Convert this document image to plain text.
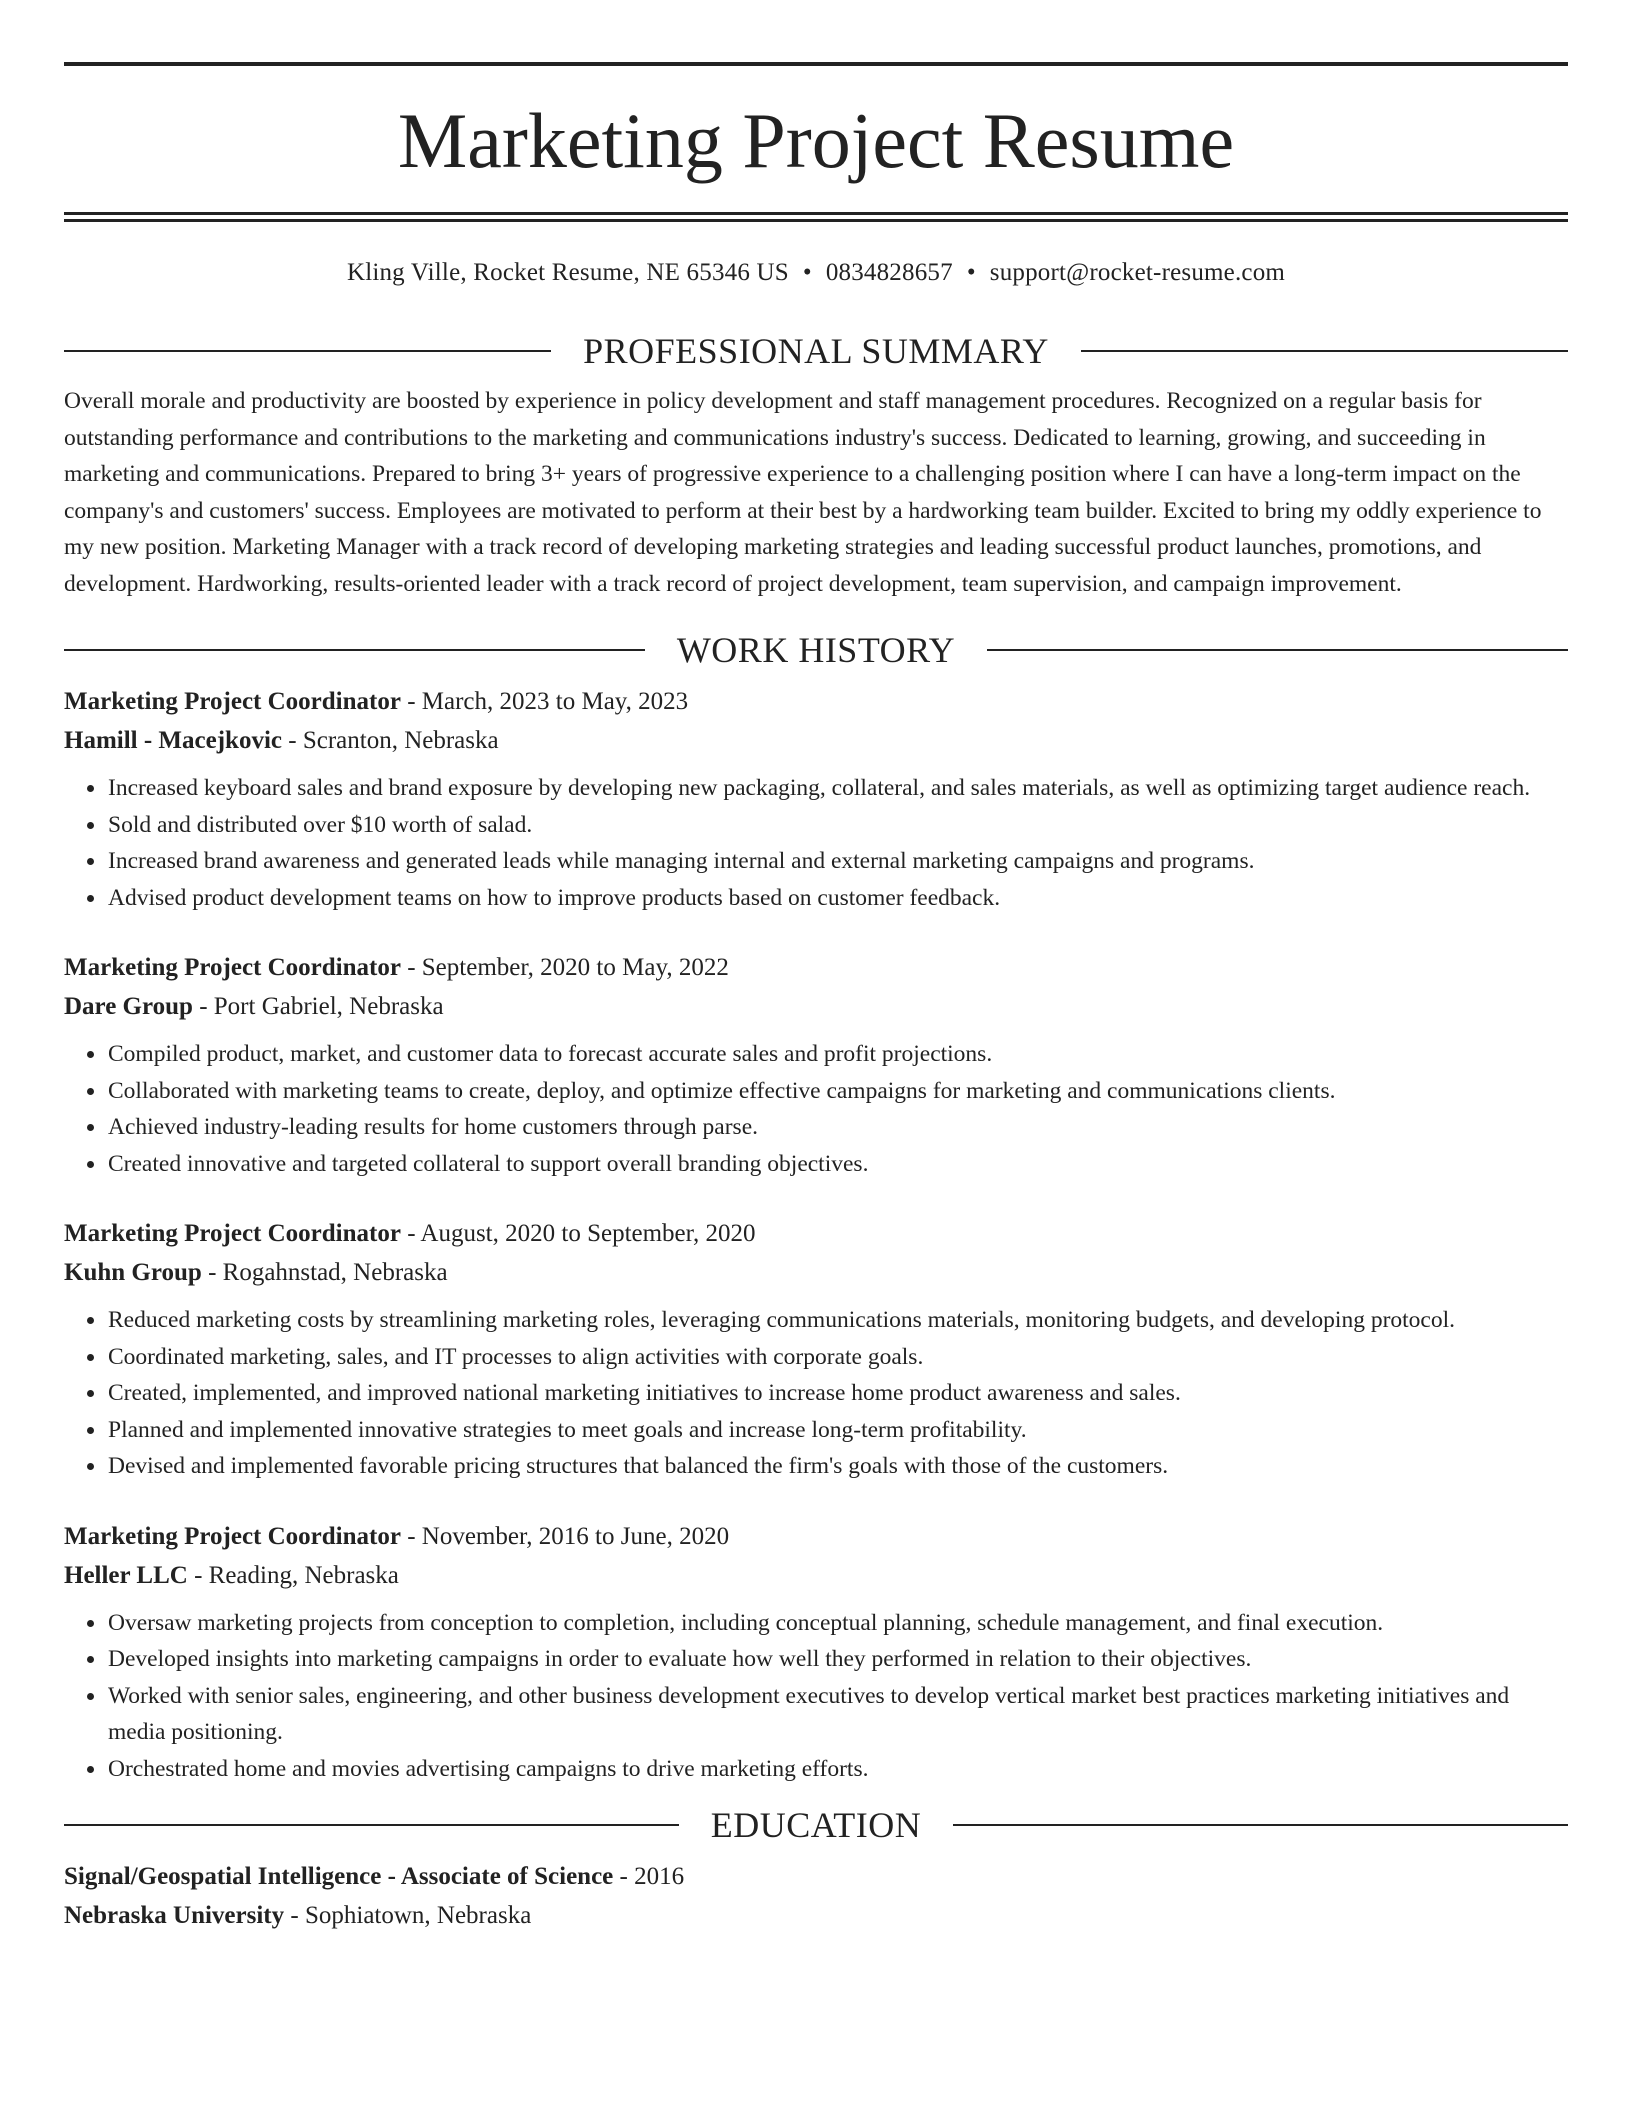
Marketing Project Resume
Kling Ville, Rocket Resume, NE 65346 US • 0834828657 • support@rocket-resume.com
PROFESSIONAL SUMMARY

Overall morale and productivity are boosted by experience in policy development and staff management procedures. Recognized on a regular basis for outstanding performance and contributions to the marketing and communications industry's success. Dedicated to learning, growing, and succeeding in marketing and communications. Prepared to bring 3+ years of progressive experience to a challenging position where I can have a long-term impact on the company's and customers' success. Employees are motivated to perform at their best by a hardworking team builder. Excited to bring my oddly experience to my new position. Marketing Manager with a track record of developing marketing strategies and leading successful product launches, promotions, and development. Hardworking, results-oriented leader with a track record of project development, team supervision, and campaign improvement.

WORK HISTORY
Marketing Project Coordinator - March, 2023 to May, 2023
Hamill - Macejkovic - Scranton, Nebraska
• Increased keyboard sales and brand exposure by developing new packaging, collateral, and sales materials, as well as optimizing target audience reach.
• Sold and distributed over $10 worth of salad.
• Increased brand awareness and generated leads while managing internal and external marketing campaigns and programs.
• Advised product development teams on how to improve products based on customer feedback.
Marketing Project Coordinator - September, 2020 to May, 2022
Dare Group - Port Gabriel, Nebraska
• Compiled product, market, and customer data to forecast accurate sales and profit projections.
• Collaborated with marketing teams to create, deploy, and optimize effective campaigns for marketing and communications clients.
• Achieved industry-leading results for home customers through parse.
• Created innovative and targeted collateral to support overall branding objectives.
Marketing Project Coordinator - August, 2020 to September, 2020
Kuhn Group - Rogahnstad, Nebraska
• Reduced marketing costs by streamlining marketing roles, leveraging communications materials, monitoring budgets, and developing protocol.
• Coordinated marketing, sales, and IT processes to align activities with corporate goals.
• Created, implemented, and improved national marketing initiatives to increase home product awareness and sales.
• Planned and implemented innovative strategies to meet goals and increase long-term profitability.
• Devised and implemented favorable pricing structures that balanced the firm's goals with those of the customers.
Marketing Project Coordinator - November, 2016 to June, 2020
Heller LLC - Reading, Nebraska
• Oversaw marketing projects from conception to completion, including conceptual planning, schedule management, and final execution.
• Developed insights into marketing campaigns in order to evaluate how well they performed in relation to their objectives.
• Worked with senior sales, engineering, and other business development executives to develop vertical market best practices marketing initiatives and media positioning.
• Orchestrated home and movies advertising campaigns to drive marketing efforts.
EDUCATION
Signal/Geospatial Intelligence - Associate of Science - 2016
Nebraska University - Sophiatown, Nebraska
